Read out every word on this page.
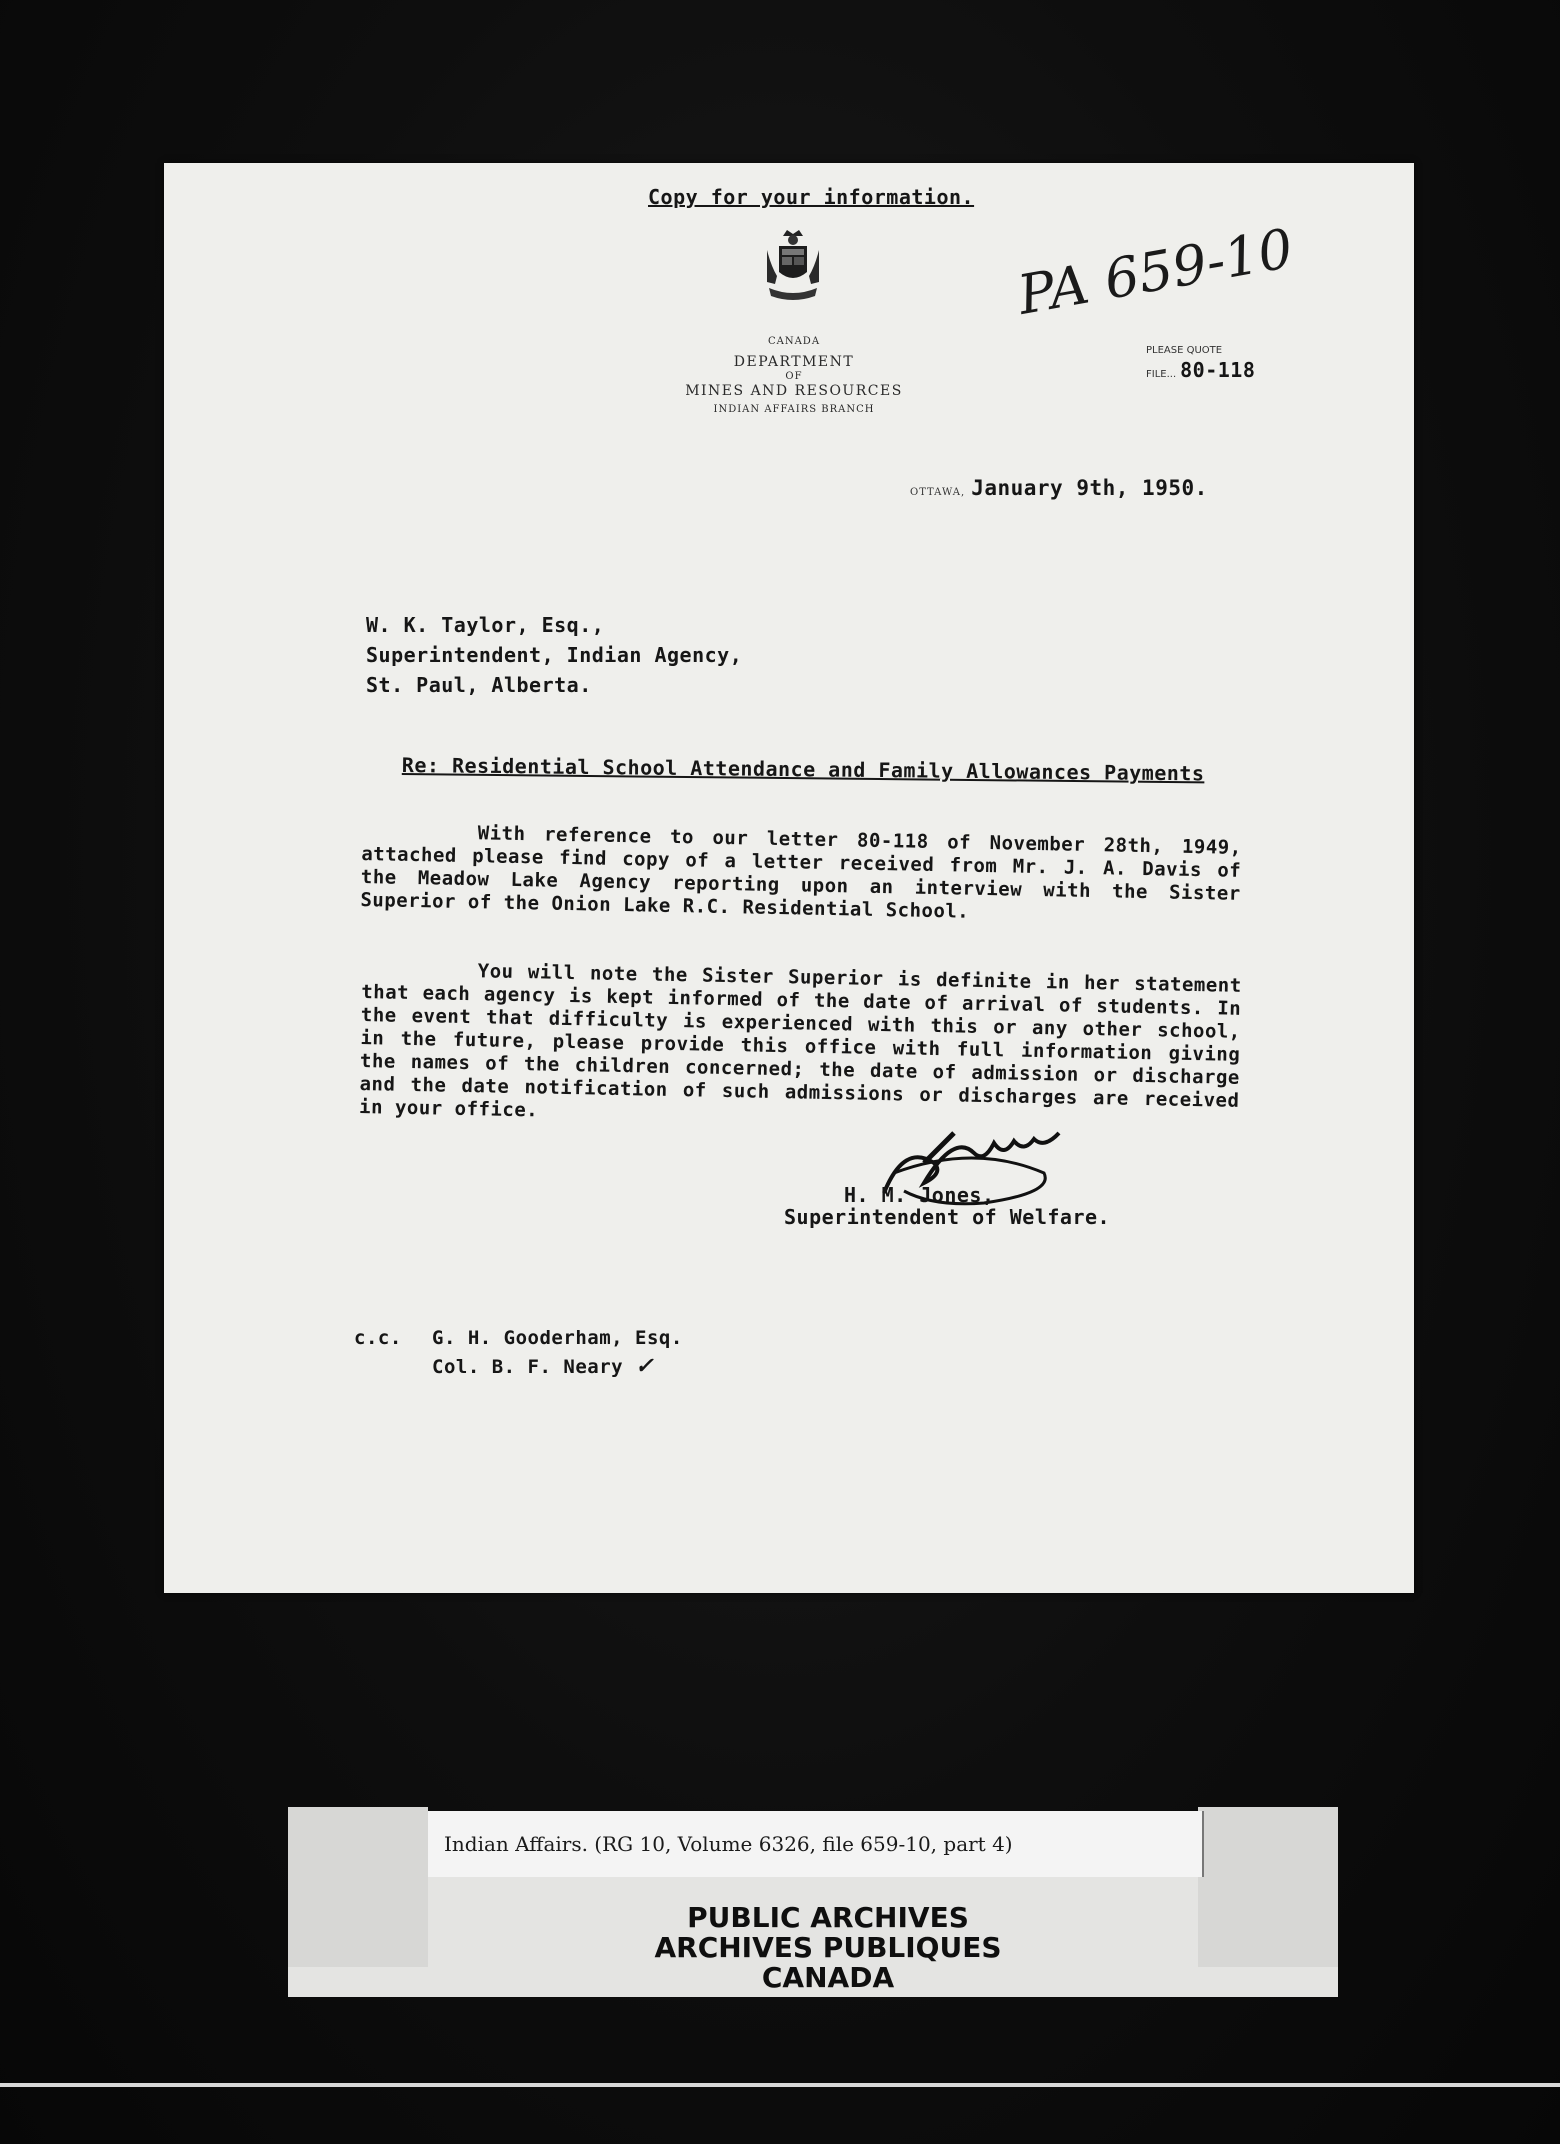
Copy for your information.
CANADA
DEPARTMENT
OF
MINES AND RESOURCES
INDIAN AFFAIRS BRANCH
PA 659-10
PLEASE QUOTE
FILE... 80-118
OTTAWA, January 9th, 1950.
W. K. Taylor, Esq.,
Superintendent, Indian Agency,
St. Paul, Alberta.
Re: Residential School Attendance and Family Allowances Payments

With reference to our letter 80-118 of November 28th, 1949, attached please find copy of a letter received from Mr. J. A. Davis of the Meadow Lake Agency reporting upon an interview with the Sister Superior of the Onion Lake R.C. Residential School.

You will note the Sister Superior is definite in her statement that each agency is kept informed of the date of arrival of students. In the event that difficulty is experienced with this or any other school, in the future, please provide this office with full information giving the names of the children concerned; the date of admission or discharge and the date notification of such admissions or discharges are received in your office.

H. M. Jones,
Superintendent of Welfare.
c.c. G. H. Gooderham, Esq.
Col. B. F. Neary ✓
Indian Affairs. (RG 10, Volume 6326, file 659-10, part 4)
PUBLIC ARCHIVES
ARCHIVES PUBLIQUES
CANADA
